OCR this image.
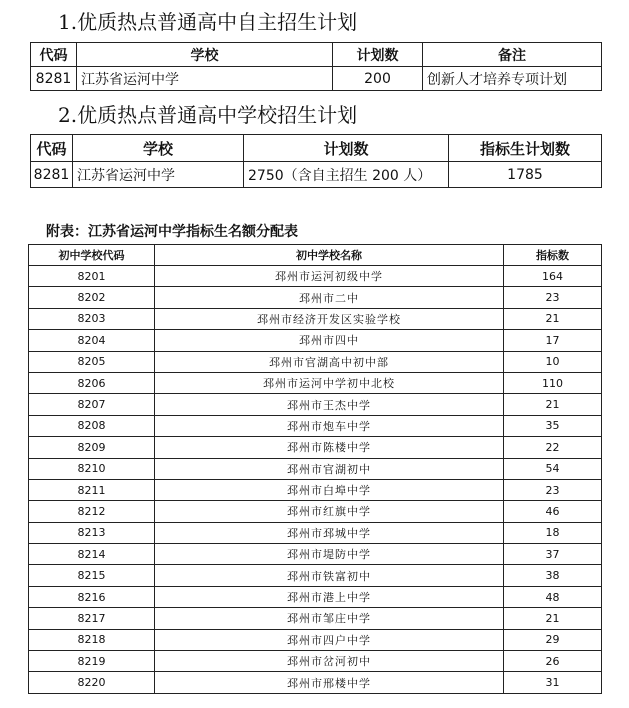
1.优质热点普通高中自主招生计划
代码	学校	计划数	备注
8281	江苏省运河中学	200	创新人才培养专项计划
2.优质热点普通高中学校招生计划
代码	学校	计划数	指标生计划数
8281	江苏省运河中学	2750（含自主招生 200 人）	1785

附表：江苏省运河中学指标生名额分配表

初中学校代码	初中学校名称	指标数
8201	邳州市运河初级中学	164
8202	邳州市二中	23
8203	邳州市经济开发区实验学校	21
8204	邳州市四中	17
8205	邳州市官湖高中初中部	10
8206	邳州市运河中学初中北校	110
8207	邳州市王杰中学	21
8208	邳州市炮车中学	35
8209	邳州市陈楼中学	22
8210	邳州市官湖初中	54
8211	邳州市白埠中学	23
8212	邳州市红旗中学	46
8213	邳州市邳城中学	18
8214	邳州市堤防中学	37
8215	邳州市铁富初中	38
8216	邳州市港上中学	48
8217	邳州市邹庄中学	21
8218	邳州市四户中学	29
8219	邳州市岔河初中	26
8220	邳州市邢楼中学	31
